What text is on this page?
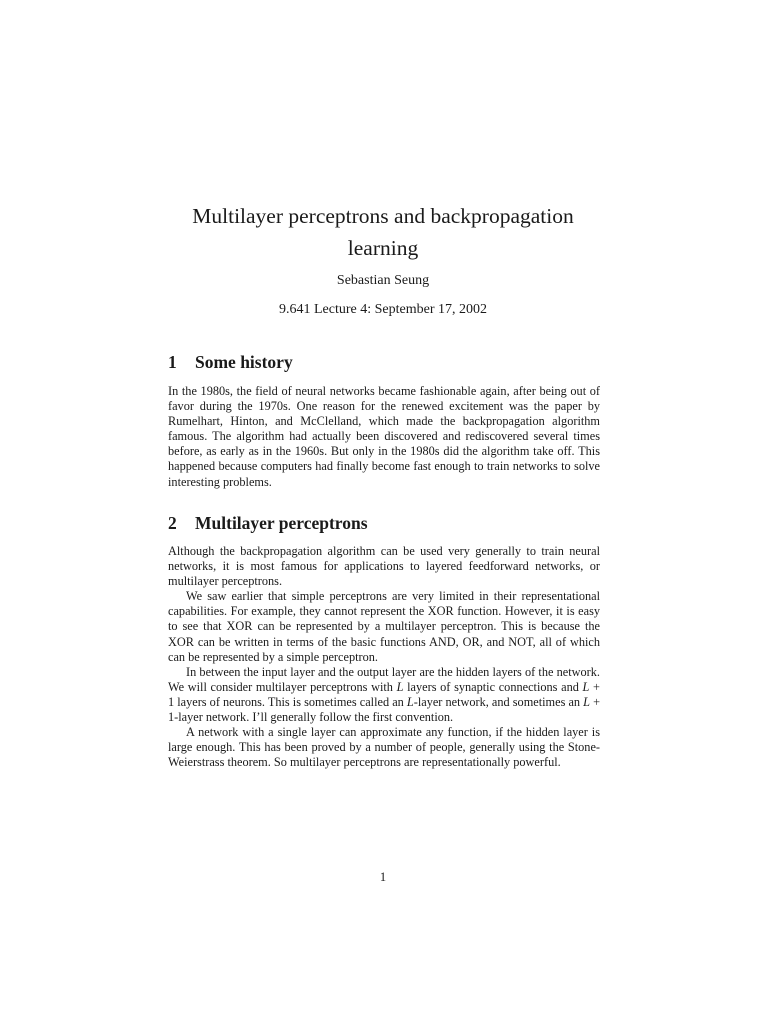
Multilayer perceptrons and backpropagation learning

Sebastian Seung

9.641 Lecture 4: September 17, 2002

1 Some history

In the 1980s, the field of neural networks became fashionable again, after being out of favor during the 1970s. One reason for the renewed excitement was the paper by Rumelhart, Hinton, and McClelland, which made the backpropagation algorithm famous. The algorithm had actually been discovered and rediscovered several times before, as early as in the 1960s. But only in the 1980s did the algorithm take off. This happened because computers had finally become fast enough to train networks to solve interesting problems.

2 Multilayer perceptrons

Although the backpropagation algorithm can be used very generally to train neural networks, it is most famous for applications to layered feedforward networks, or multilayer perceptrons.

We saw earlier that simple perceptrons are very limited in their representational capabilities. For example, they cannot represent the XOR function. However, it is easy to see that XOR can be represented by a multilayer perceptron. This is because the XOR can be written in terms of the basic functions AND, OR, and NOT, all of which can be represented by a simple perceptron.

In between the input layer and the output layer are the hidden layers of the network. We will consider multilayer perceptrons with L layers of synaptic connections and L + 1 layers of neurons. This is sometimes called an L-layer network, and sometimes an L + 1-layer network. I’ll generally follow the first convention.

A network with a single layer can approximate any function, if the hidden layer is large enough. This has been proved by a number of people, generally using the Stone-Weierstrass theorem. So multilayer perceptrons are representationally powerful.

1
